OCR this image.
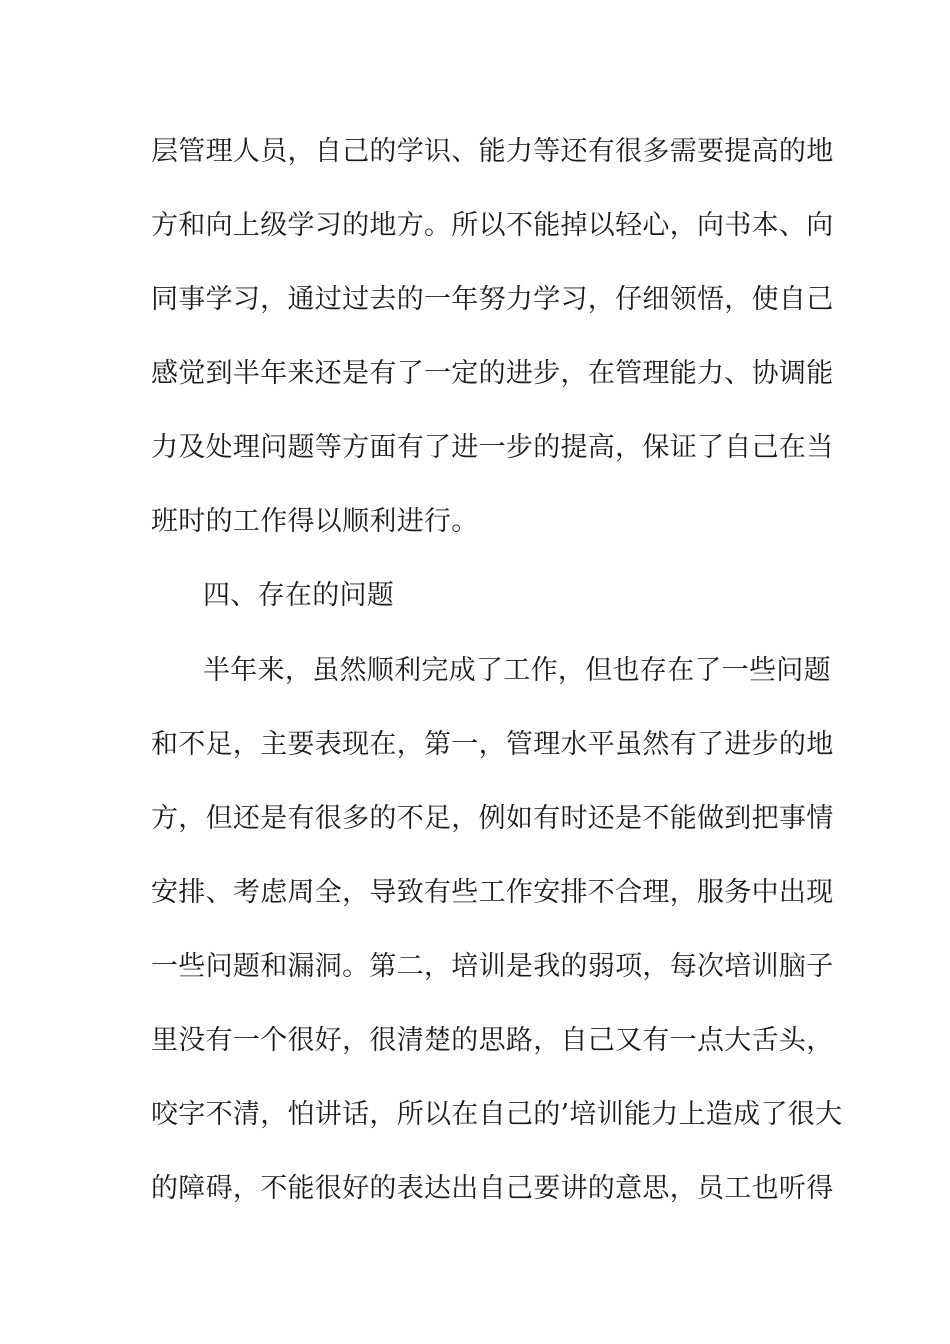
层管理人员，自己的学识、能力等还有很多需要提高的地
方和向上级学习的地方。所以不能掉以轻心，向书本、向
同事学习，通过过去的一年努力学习，仔细领悟，使自己
感觉到半年来还是有了一定的进步，在管理能力、协调能
力及处理问题等方面有了进一步的提高，保证了自己在当
班时的工作得以顺利进行。
四、存在的问题
半年来，虽然顺利完成了工作，但也存在了一些问题
和不足，主要表现在，第一，管理水平虽然有了进步的地
方，但还是有很多的不足，例如有时还是不能做到把事情
安排、考虑周全，导致有些工作安排不合理，服务中出现
一些问题和漏洞。第二，培训是我的弱项，每次培训脑子
里没有一个很好，很清楚的思路，自己又有一点大舌头，
咬字不清，怕讲话，所以在自己的’培训能力上造成了很大
的障碍，不能很好的表达出自己要讲的意思，员工也听得
